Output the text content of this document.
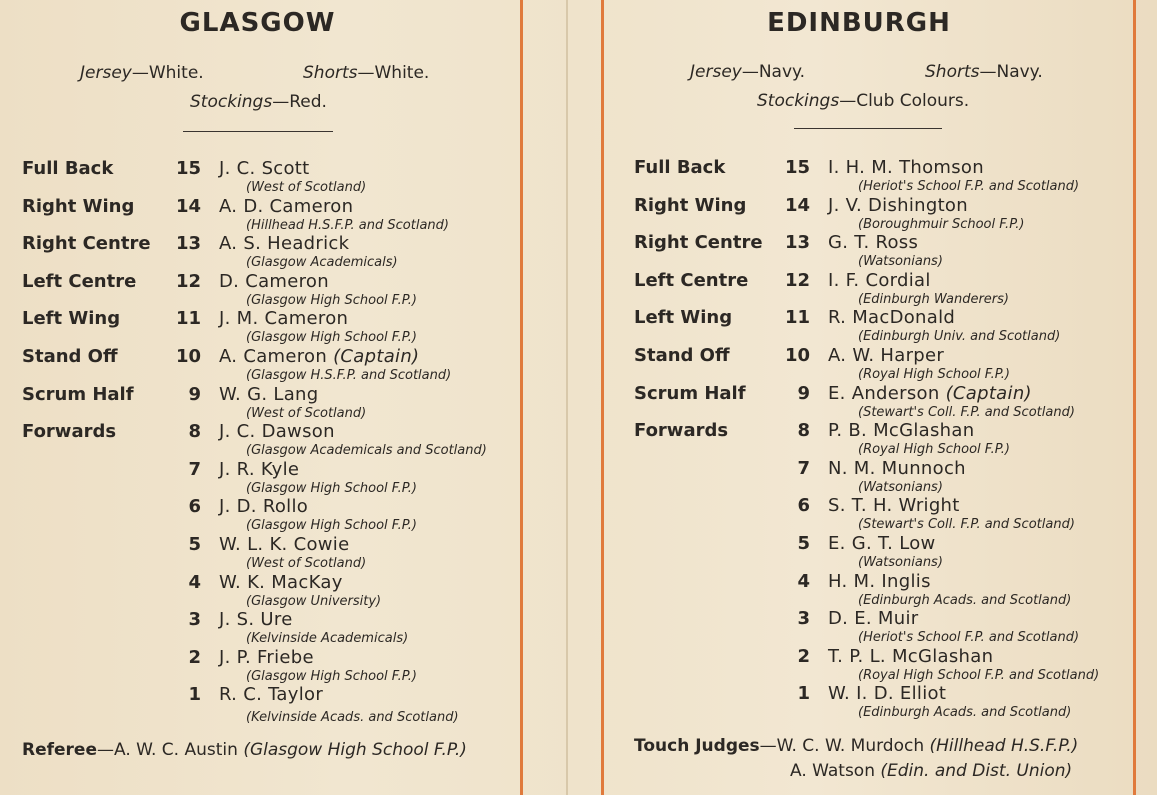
GLASGOW
Jersey—White.	Shorts—White.
Stockings—Red.
Full Back	15 J. C. Scott
(West of Scotland)
Right Wing 14 A. D. Cameron
(Hillhead H.S.F.P. and Scotland)
Right Centre 13 A. S. Headrick
(Glasgow Academicals)
Left Centre 12 D. Cameron
(Glasgow High School F.P.)
Left Wing	11 J. M. Cameron
(Glasgow High School F.P.)
Stand Off	10 A. Cameron (Captain)
(Glasgow H.S.F.P. and Scotland)
Scrum Half	9 W. G. Lang
(West of Scotland)
Forwards	8 J. C. Dawson
(Glasgow Academicals and Scotland)
7 J. R. Kyle
(Glasgow High School F.P.)
6 J. D. Rollo
(Glasgow High School F.P.)
5 W. L. K. Cowie
(West of Scotland)
4 W. K. MacKay
(Glasgow University)
3 J. S. Ure
(Kelvinside Academicals)
2 J. P. Friebe
(Glasgow High School F.P.)
1 R. C. Taylor
(Kelvinside Acads. and Scotland)
Referee—A. W. C. Austin (Glasgow High School F.P.)
EDINBURGH
Jersey—Navy.	Shorts—Navy.
Stockings—Club Colours.
Full Back	15 I. H. M. Thomson
(Heriot's School F.P. and Scotland)
Right Wing 14 J. V. Dishington
(Boroughmuir School F.P.)
Right Centre 13 G. T. Ross
(Watsonians)
Left Centre 12 I. F. Cordial
(Edinburgh Wanderers)
Left Wing	11 R. MacDonald
(Edinburgh Univ. and Scotland)
Stand Off	10 A. W. Harper
(Royal High School F.P.)
Scrum Half	9 E. Anderson (Captain)
(Stewart's Coll. F.P. and Scotland)
Forwards	8 P. B. McGlashan
(Royal High School F.P.)
7 N. M. Munnoch
(Watsonians)
6 S. T. H. Wright
(Stewart's Coll. F.P. and Scotland)
5 E. G. T. Low
(Watsonians)
4 H. M. Inglis
(Edinburgh Acads. and Scotland)
3 D. E. Muir
(Heriot's School F.P. and Scotland)
2 T. P. L. McGlashan
(Royal High School F.P. and Scotland)
1 W. I. D. Elliot
(Edinburgh Acads. and Scotland)
Touch Judges—W. C. W. Murdoch (Hillhead H.S.F.P.)
A. Watson (Edin. and Dist. Union)
